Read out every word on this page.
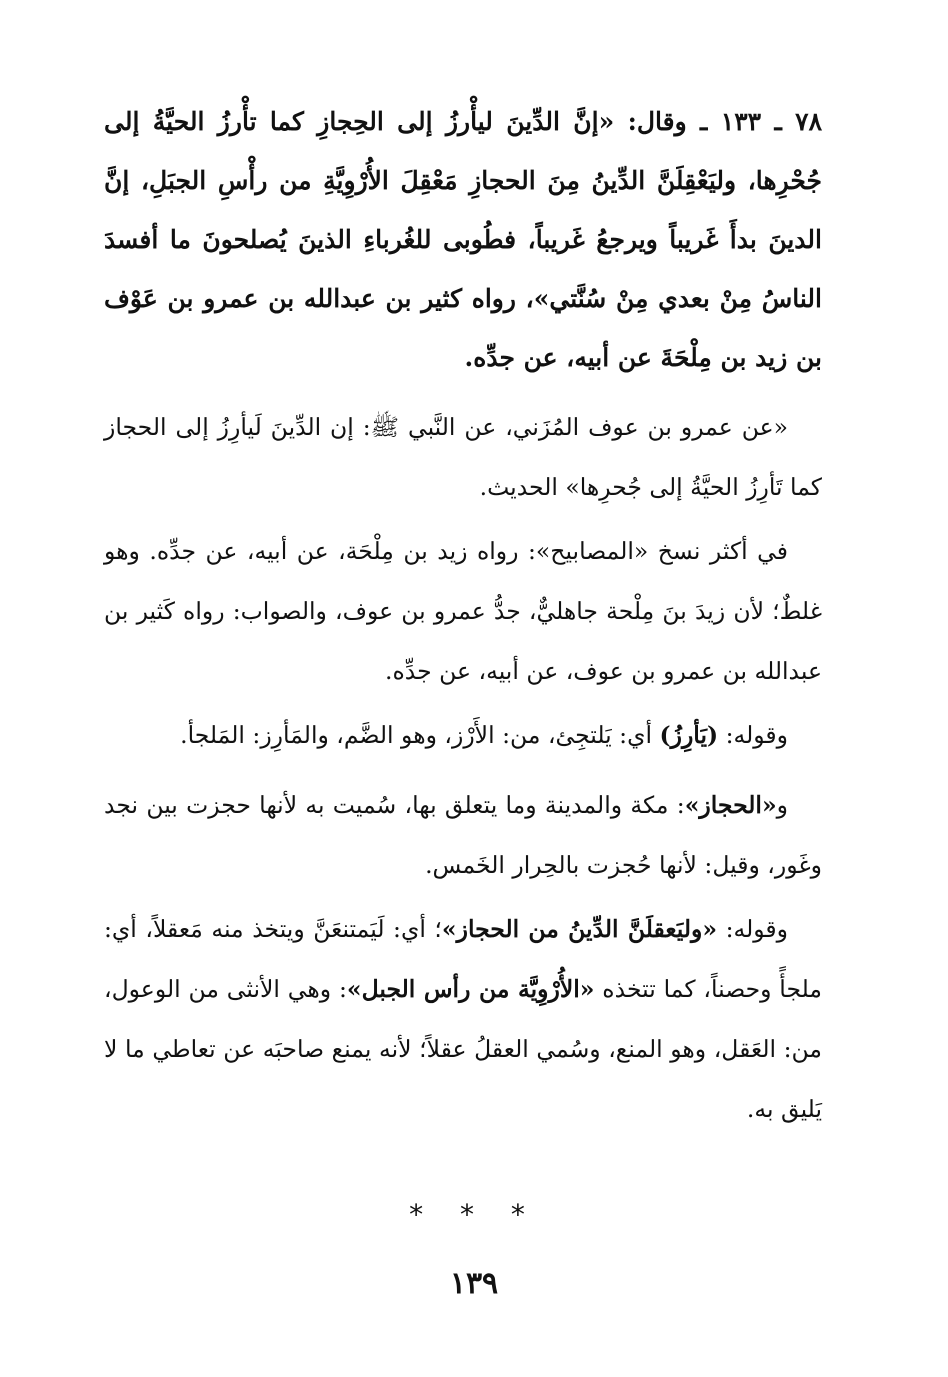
٧٨ ـ ١٣٣ ـ وقال: «إنَّ الدِّينَ ليأْرزُ إلى الحِجازِ كما تأْرزُ الحيَّةُ إلى جُحْرِها، وليَعْقِلَنَّ الدِّينُ مِنَ الحجازِ مَعْقِلَ الأُرْوِيَّةِ من رأْسِ الجبَلِ، إنَّ الدينَ بدأَ غَريباً ويرجعُ غَريباً، فطُوبى للغُرباءِ الذينَ يُصلحونَ ما أفسدَ الناسُ مِنْ بعدي مِنْ سُنَّتي»، رواه كثير بن عبدالله بن عمرو بن عَوْف بن زيد بن مِلْحَةَ عن أبيه، عن جدِّه.

«عن عمرو بن عوف المُزَني، عن النَّبي ﷺ: إن الدِّينَ لَيأرِزُ إلى الحجاز كما تَأرِزُ الحيَّةُ إلى جُحرِها» الحديث.

في أكثر نسخ «المصابيح»: رواه زيد بن مِلْحَة، عن أبيه، عن جدِّه. وهو غلطٌ؛ لأن زيدَ بنَ مِلْحة جاهليٌّ، جدُّ عمرو بن عوف، والصواب: رواه كَثير بن عبدالله بن عمرو بن عوف، عن أبيه، عن جدِّه.

وقوله: (يَأرِزُ) أي: يَلتجِئ، من: الأَرْز، وهو الضَّم، والمَأرِز: المَلجأ.

و«الحجاز»: مكة والمدينة وما يتعلق بها، سُميت به لأنها حجزت بين نجد وغَور، وقيل: لأنها حُجزت بالحِرار الخَمس.

وقوله: «وليَعقلَنَّ الدِّينُ من الحجاز»؛ أي: لَيَمتنعَنَّ ويتخذ منه مَعقلاً، أي: ملجأً وحصناً، كما تتخذه «الأُرْوِيَّة من رأس الجبل»: وهي الأنثى من الوعول، من: العَقل، وهو المنع، وسُمي العقلُ عقلاً؛ لأنه يمنع صاحبَه عن تعاطي ما لا يَليق به.

* * *
١٣٩
